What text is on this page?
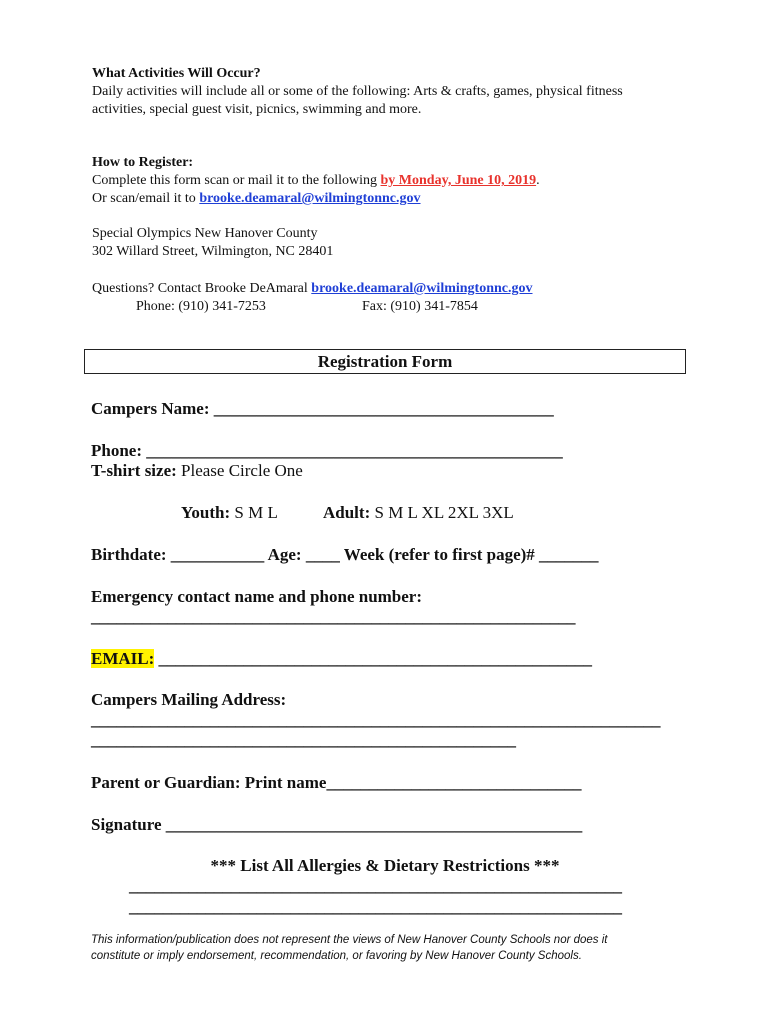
What Activities Will Occur?
Daily activities will include all or some of the following: Arts & crafts, games, physical fitness
activities, special guest visit, picnics, swimming and more.
How to Register:
Complete this form scan or mail it to the following by Monday, June 10, 2019.
Or scan/email it to brooke.deamaral@wilmingtonnc.gov
Special Olympics New Hanover County
302 Willard Street, Wilmington, NC 28401
Questions? Contact Brooke DeAmaral brooke.deamaral@wilmingtonnc.gov
Phone: (910) 341-7253	Fax: (910) 341-7854
Registration Form
Campers Name: ________________________________________
Phone: _________________________________________________
T-shirt size: Please Circle One
Youth: S M L	Adult: S M L XL 2XL 3XL
Birthdate: ___________ Age: ____ Week (refer to first page)# _______
Emergency contact name and phone number:
_________________________________________________________
EMAIL: ___________________________________________________
Campers Mailing Address:
___________________________________________________________________
__________________________________________________
Parent or Guardian: Print name______________________________
Signature _________________________________________________
*** List All Allergies & Dietary Restrictions ***
__________________________________________________________
__________________________________________________________
This information/publication does not represent the views of New Hanover County Schools nor does it
constitute or imply endorsement, recommendation, or favoring by New Hanover County Schools.
